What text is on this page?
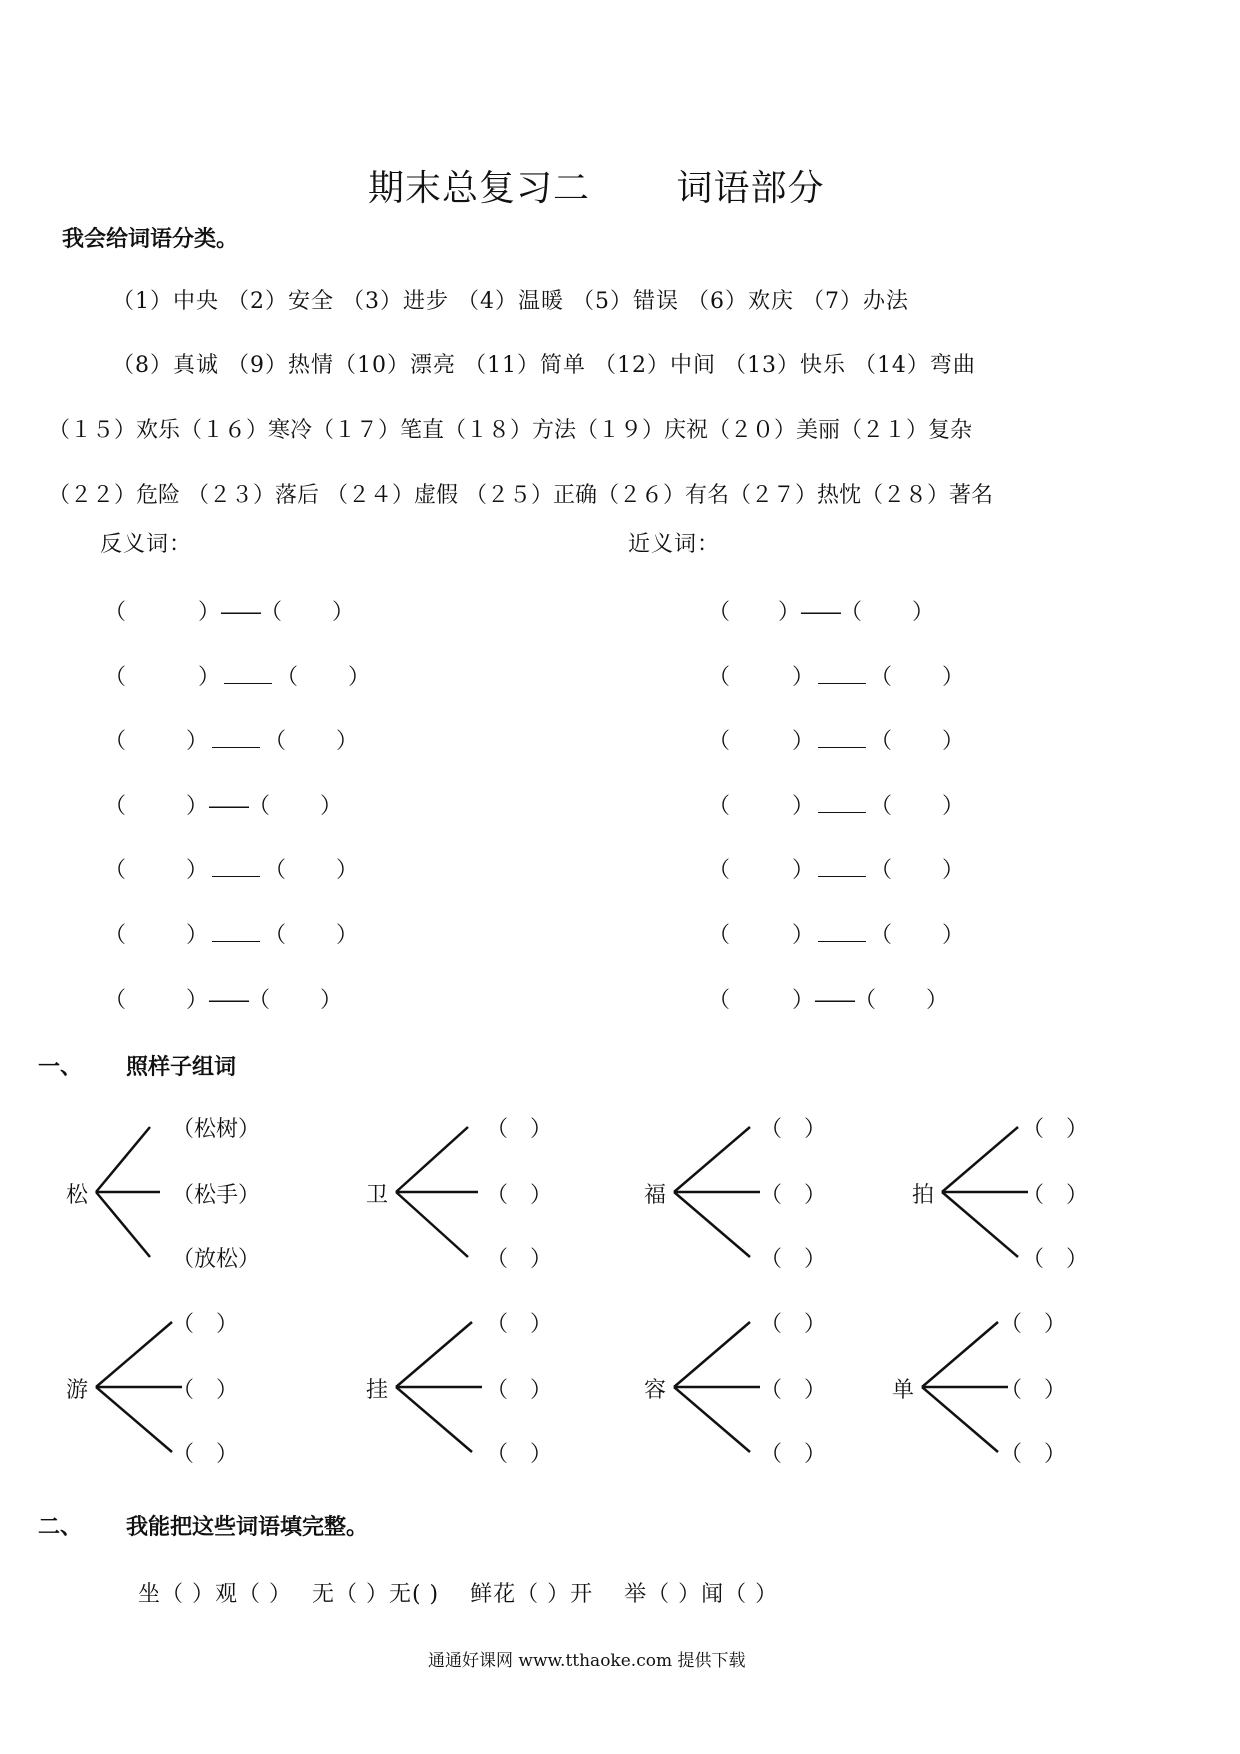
期末总复习二　　 词语部分
我会给词语分类。
（1）中央 （2）安全 （3）进步 （4）温暖 （5）错误 （6）欢庆 （7）办法
（8）真诚 （9）热情（10）漂亮 （11）简单 （12）中间 （13）快乐 （14）弯曲
（１５）欢乐（１６）寒冷（１７）笔直（１８）方法（１９）庆祝（２０）美丽（２１）复杂
（２２）危险 （２３）落后 （２４）虚假 （２５）正确（２６）有名（２７）热忱（２８）著名
反义词：	近义词：
（	）——（ ）
（	）	（ ）
（	）	（ ）
（	）——（ ）
（	）	（ ）
（	）	（ ）
（	）——（ ）
（ ）——（ ）
（	）	（ ）
（	）	（ ）
（	）	（ ）
（	）	（ ）
（	）	（ ）
（	）——（ ）
一、 照样子组词
松
（松树）
（松手）
（放松）
卫
（　）
（　）
（　）
福
（　）
（　）
（　）
拍
（　）
（　）
（　）
游
（　）
（　）
（　）
挂
（　）
（　）
（　）
容
（　）
（　）
（　）
单
（　）
（　）
（　）
二、 我能把这些词语填完整。
坐（ ）观（ ）　 无（ ）无( )　 鲜花（ ）开　 举（ ）闻（ ）
通通好课网 www.tthaoke.com 提供下载
